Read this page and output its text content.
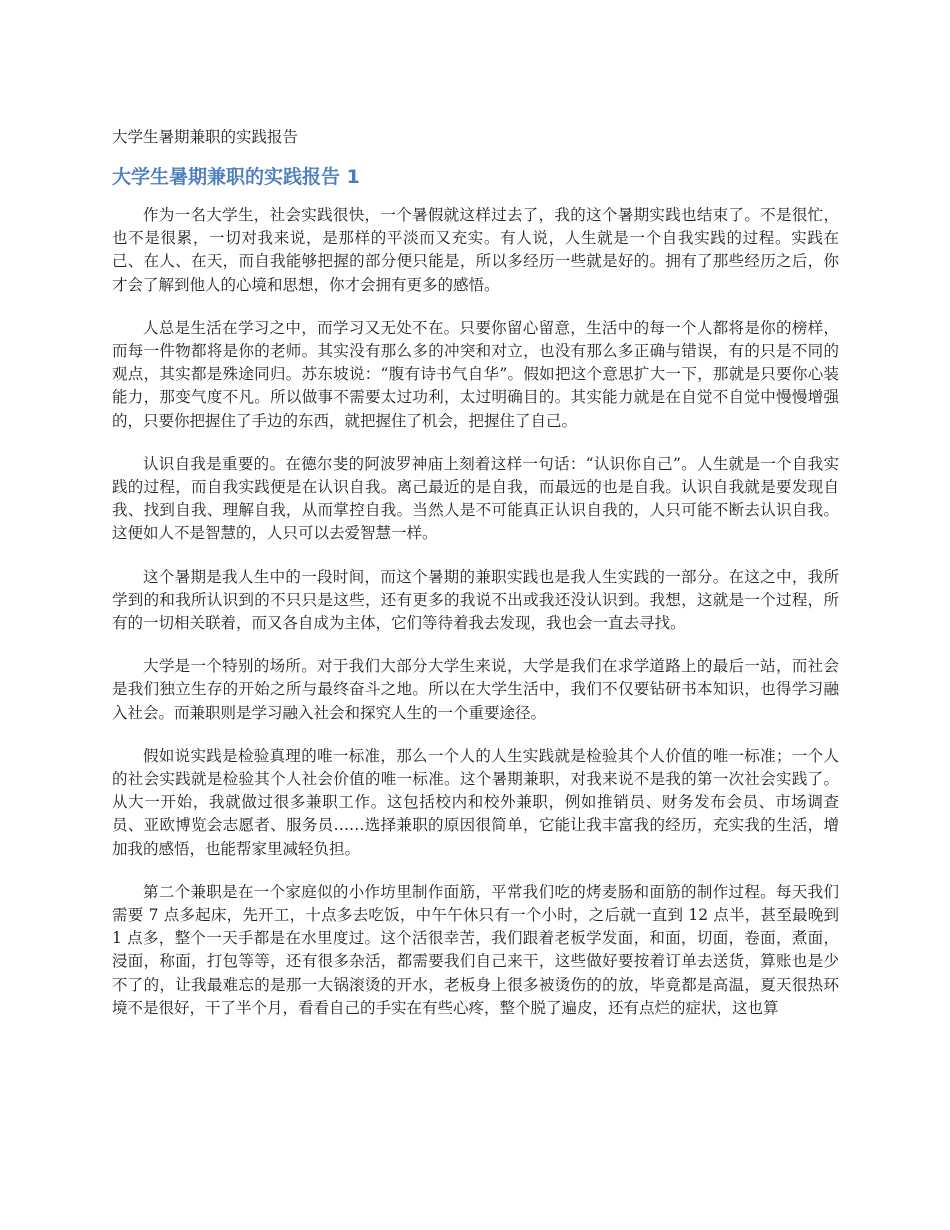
大学生暑期兼职的实践报告

大学生暑期兼职的实践报告 1

作为一名大学生，社会实践很快，一个暑假就这样过去了，我的这个暑期实践也结束了。不是很忙，也不是很累，一切对我来说，是那样的平淡而又充实。有人说，人生就是一个自我实践的过程。实践在己、在人、在天，而自我能够把握的部分便只能是，所以多经历一些就是好的。拥有了那些经历之后，你才会了解到他人的心境和思想，你才会拥有更多的感悟。

人总是生活在学习之中，而学习又无处不在。只要你留心留意，生活中的每一个人都将是你的榜样，而每一件物都将是你的老师。其实没有那么多的冲突和对立，也没有那么多正确与错误，有的只是不同的观点，其实都是殊途同归。苏东坡说：“腹有诗书气自华”。假如把这个意思扩大一下，那就是只要你心装能力，那变气度不凡。所以做事不需要太过功利，太过明确目的。其实能力就是在自觉不自觉中慢慢增强的，只要你把握住了手边的东西，就把握住了机会，把握住了自己。

认识自我是重要的。在德尔斐的阿波罗神庙上刻着这样一句话：“认识你自己”。人生就是一个自我实践的过程，而自我实践便是在认识自我。离己最近的是自我，而最远的也是自我。认识自我就是要发现自我、找到自我、理解自我，从而掌控自我。当然人是不可能真正认识自我的，人只可能不断去认识自我。这便如人不是智慧的，人只可以去爱智慧一样。

这个暑期是我人生中的一段时间，而这个暑期的兼职实践也是我人生实践的一部分。在这之中，我所学到的和我所认识到的不只只是这些，还有更多的我说不出或我还没认识到。我想，这就是一个过程，所有的一切相关联着，而又各自成为主体，它们等待着我去发现，我也会一直去寻找。

大学是一个特别的场所。对于我们大部分大学生来说，大学是我们在求学道路上的最后一站，而社会是我们独立生存的开始之所与最终奋斗之地。所以在大学生活中，我们不仅要钻研书本知识，也得学习融入社会。而兼职则是学习融入社会和探究人生的一个重要途径。

假如说实践是检验真理的唯一标准，那么一个人的人生实践就是检验其个人价值的唯一标准；一个人的社会实践就是检验其个人社会价值的唯一标准。这个暑期兼职，对我来说不是我的第一次社会实践了。从大一开始，我就做过很多兼职工作。这包括校内和校外兼职，例如推销员、财务发布会员、市场调查员、亚欧博览会志愿者、服务员……选择兼职的原因很简单，它能让我丰富我的经历，充实我的生活，增加我的感悟，也能帮家里减轻负担。

第二个兼职是在一个家庭似的小作坊里制作面筋，平常我们吃的烤麦肠和面筋的制作过程。每天我们需要 7 点多起床，先开工，十点多去吃饭，中午午休只有一个小时，之后就一直到 12 点半，甚至最晚到 1 点多，整个一天手都是在水里度过。这个活很幸苦，我们跟着老板学发面，和面，切面，卷面，煮面，浸面，称面，打包等等，还有很多杂活，都需要我们自己来干，这些做好要按着订单去送货，算账也是少不了的，让我最难忘的是那一大锅滚烫的开水，老板身上很多被烫伤的的放，毕竟都是高温，夏天很热环境不是很好，干了半个月，看看自己的手实在有些心疼，整个脱了遍皮，还有点烂的症状，这也算
